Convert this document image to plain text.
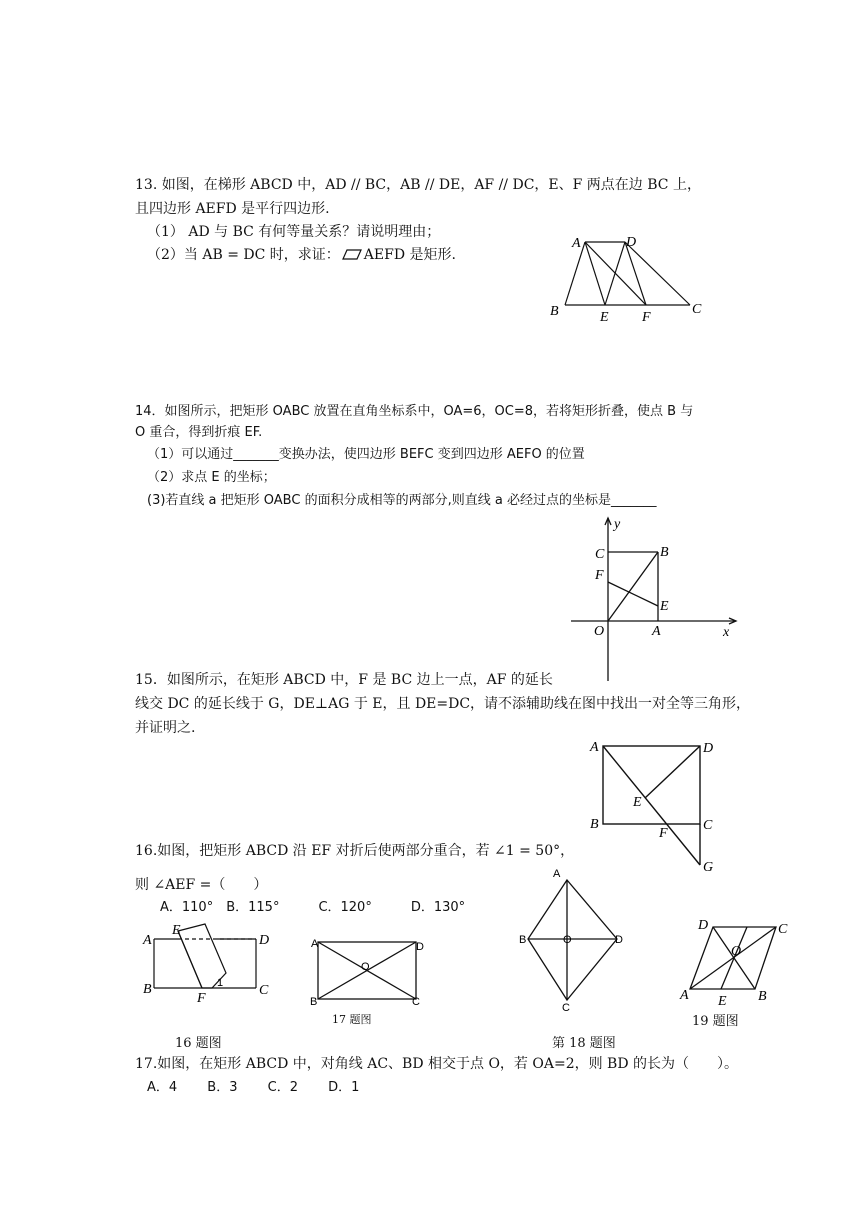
13. 如图，在梯形 ABCD 中，AD // BC，AB // DE，AF // DC，E、F 两点在边 BC 上，

且四边形 AEFD 是平行四边形.

（1） AD 与 BC 有何等量关系？请说明理由；

（2）当 AB = DC 时，求证： AEFD 是矩形.

A	D
B	E F
C

14．如图所示，把矩形 OABC 放置在直角坐标系中，OA=6，OC=8，若将矩形折叠，使点 B 与

O 重合，得到折痕 EF.

（1）可以通过_______变换办法，使四边形 BEFC 变到四边形 AEFO 的位置

（2）求点 E 的坐标；

(3)若直线 a 把矩形 OABC 的面积分成相等的两部分,则直线 a 必经过点的坐标是_______

y
x
C	B
F
E
O	A

15．如图所示，在矩形 ABCD 中，F 是 BC 边上一点，AF 的延长

线交 DC 的延长线于 G，DE⊥AG 于 E，且 DE=DC，请不添辅助线在图中找出一对全等三角形，

并证明之.

A	D
E
B
F
C
G

16.如图，把矩形 ABCD 沿 EF 对折后使两部分重合，若 ∠1 = 50°，

则 ∠AEF =（　　）

A．110°　B．115°　　　C．120°　　　D．130°

A
E
D
B
F
C
1
16 题图
A	D
O
B	C
17 题图
A
B	O	D
C
第 18 题图
D	C
O
A E B
19 题图

17.如图，在矩形 ABCD 中，对角线 AC、BD 相交于点 O，若 OA=2，则 BD 的长为（　　）。

A．4　　 B．3　　 C．2　　 D．1
